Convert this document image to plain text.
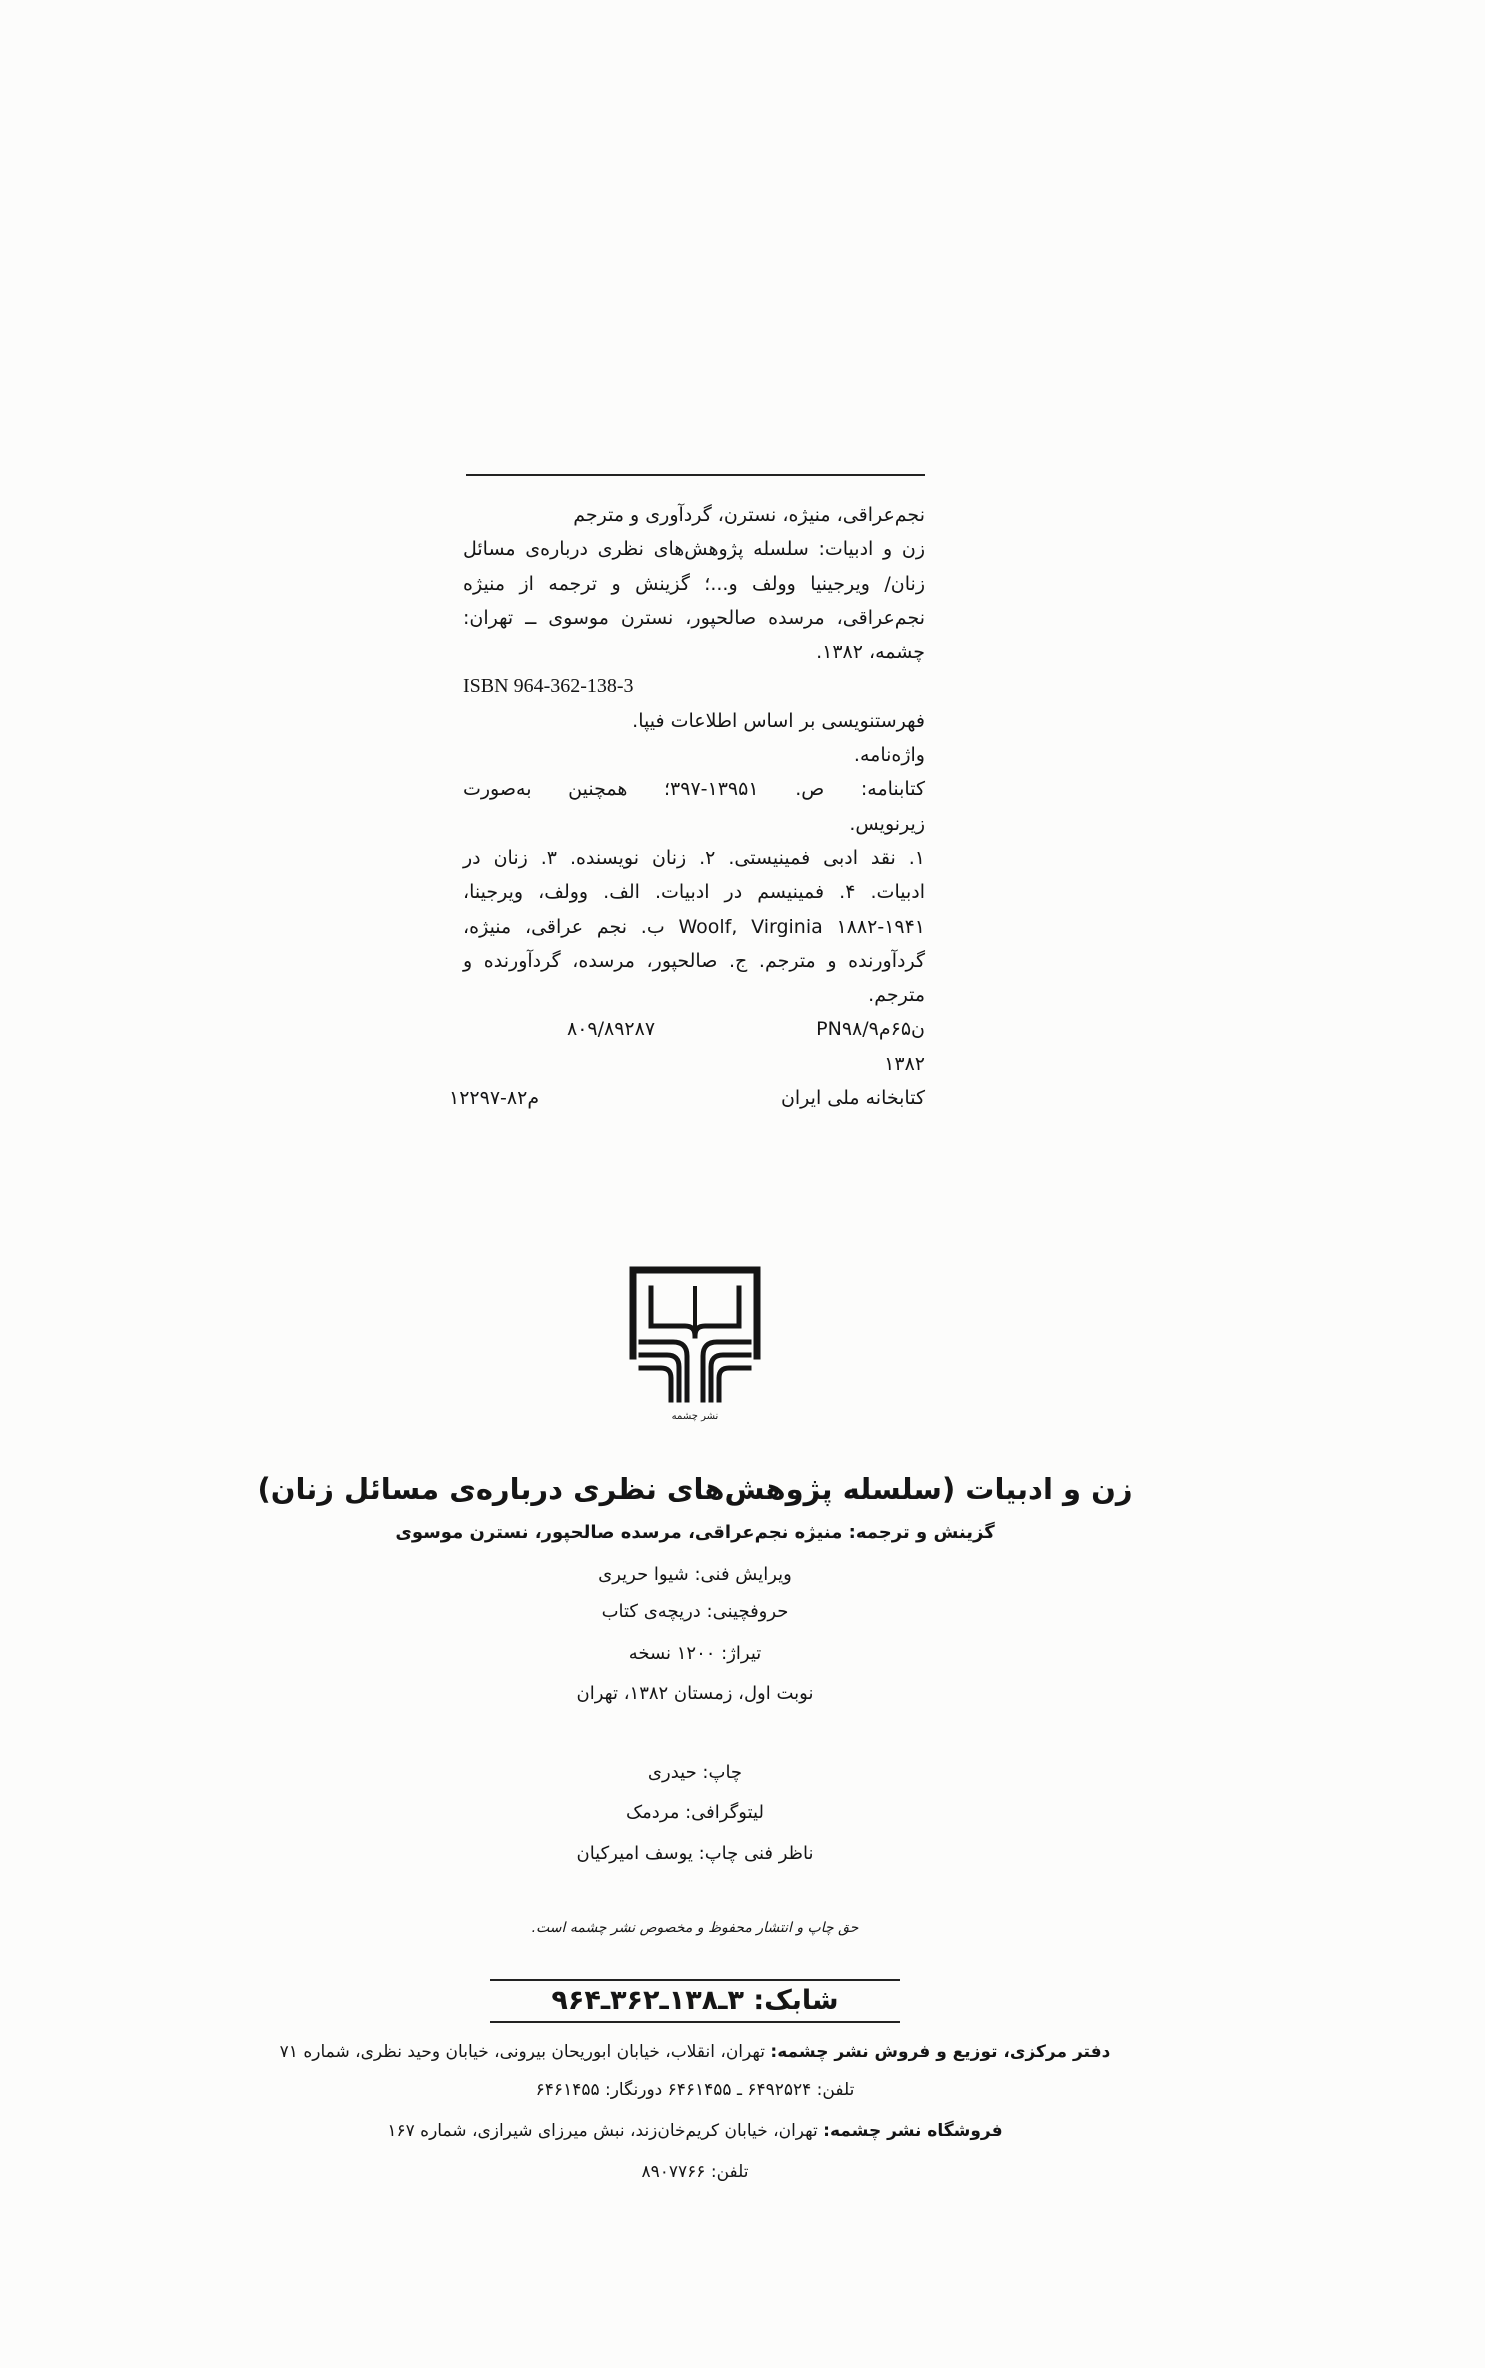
نجم‌عراقی، منیژه، نسترن، گردآوری و مترجم
زن و ادبیات: سلسله پژوهش‌های نظری درباره‌ی مسائل
زنان/ ویرجینیا وولف و...؛ گزینش و ترجمه از منیژه
نجم‌عراقی، مرسده صالحپور، نسترن موسوی ــ تهران:
چشمه، ۱۳۸۲.
ISBN 964-362-138-3
فهرستنویسی بر اساس اطلاعات فیپا.
واژه‌نامه.
کتابنامه: ص. ۱۳۹۵۱-۳۹۷؛ همچنین به‌صورت
زیرنویس.
۱. نقد ادبی فمینیستی. ۲. زنان نویسنده. ۳. زنان در
ادبیات. ۴. فمینیسم در ادبیات. الف. وولف، ویرجینا،
۱۸۸۲-۱۹۴۱ Woolf, Virginia ب. نجم عراقی، منیژه،
گردآورنده و مترجم. ج. صالحپور، مرسده، گردآورنده و
مترجم.
PN۹۸/ن۶۵م۹
۸۰۹/۸۹۲۸۷
۱۳۸۲
کتابخانه ملی ایران
م۸۲-۱۲۲۹۷
نشر چشمه
زن و ادبیات (سلسله پژوهش‌های نظری درباره‌ی مسائل زنان)
گزینش و ترجمه: منیژه نجم‌عراقی، مرسده صالحپور، نسترن موسوی
ویرایش فنی: شیوا حریری
حروفچینی: دریچه‌ی کتاب
تیراژ: ۱۲۰۰ نسخه
نوبت اول، زمستان ۱۳۸۲، تهران
چاپ: حیدری
لیتوگرافی: مردمک
ناظر فنی چاپ: یوسف امیرکیان
حق چاپ و انتشار محفوظ و مخصوص نشر چشمه است.
شابک: ۳ـ۱۳۸ـ۳۶۲ـ۹۶۴
دفتر مرکزی، توزیع و فروش نشر چشمه: تهران، انقلاب، خیابان ابوریحان بیرونی، خیابان وحید نظری، شماره ۷۱
تلفن: ۶۴۹۲۵۲۴ ـ ۶۴۶۱۴۵۵ دورنگار: ۶۴۶۱۴۵۵
فروشگاه نشر چشمه: تهران، خیابان کریم‌خان‌زند، نبش میرزای شیرازی، شماره ۱۶۷
تلفن: ۸۹۰۷۷۶۶
